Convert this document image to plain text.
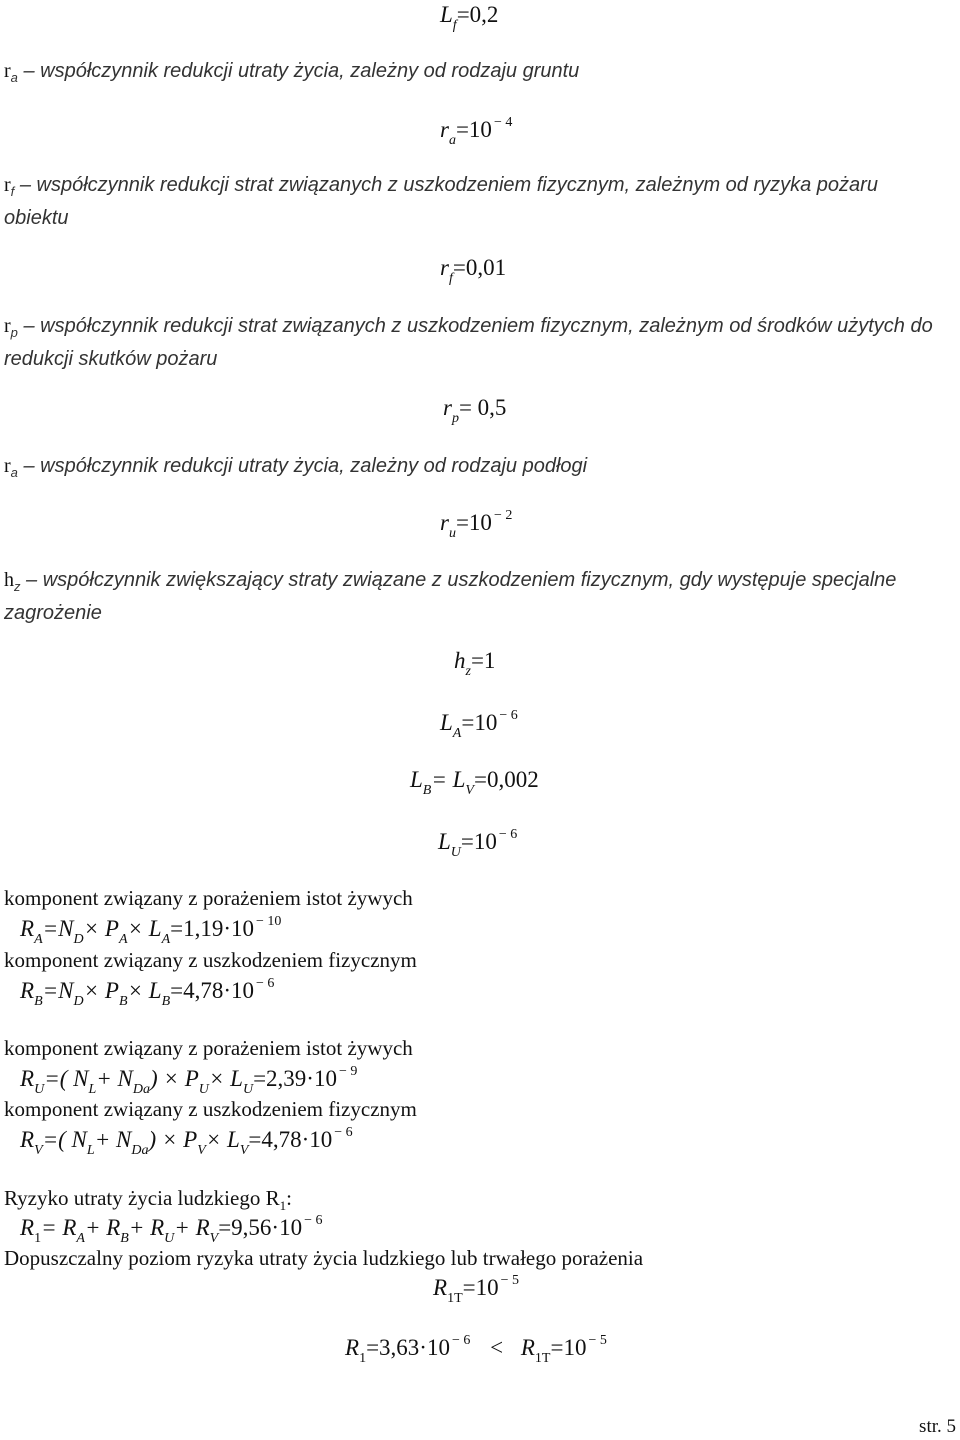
$L_f=0,2$
$r_a$ – współczynnik redukcji utraty życia, zależny od rodzaju gruntu
$r_a=10$ $^{- 4}$
$r_f$ – współczynnik redukcji strat związanych z uszkodzeniem fizycznym, zależnym od ryzyka pożaru obiektu
$r_f=0,01$
$r_p$ – współczynnik redukcji strat związanych z uszkodzeniem fizycznym, zależnym od środków użytych do redukcji skutków pożaru
$r_p= 0,5$
$r_a$ – współczynnik redukcji utraty życia, zależny od rodzaju podłogi
$r_u=10$ $^{- 2}$
$h_z$ – współczynnik zwiększający straty związane z uszkodzeniem fizycznym, gdy występuje specjalne zagrożenie
$h_z=1$
$L_A=10$ $^{- 6}$
$L_B= L_V=0,002$
$L_U=10$ $^{- 6}$
komponent związany z porażeniem istot żywych
$R_A=N_D\times P_A\times L_A=1,19\cdot 10$ $^{- 10}$
komponent związany z uszkodzeniem fizycznym
$R_B=N_D\times P_B\times L_B=4,78\cdot 10$ $^{- 6}$
komponent związany z porażeniem istot żywych
$R_U=$( $N_L+ N_{Da}) \times P_U\times L_U=2,39\cdot 10$ $^{- 9}$
komponent związany z uszkodzeniem fizycznym
$R_V=$( $N_L+ N_{Da}) \times P_V\times L_V=4,78\cdot 10$ $^{- 6}$
Ryzyko utraty życia ludzkiego $R_1$:
$R_1= R_A+ R_B+ R_U+ R_V=9,56\cdot 10$ $^{- 6}$
Dopuszczalny poziom ryzyka utraty życia ludzkiego lub trwałego porażenia
$R_{1T}=10$ $^{- 5}$
$R_1=3,63\cdot 10$ $^{- 6} < R_{1T}=10$ $^{- 5}$
str. 5
